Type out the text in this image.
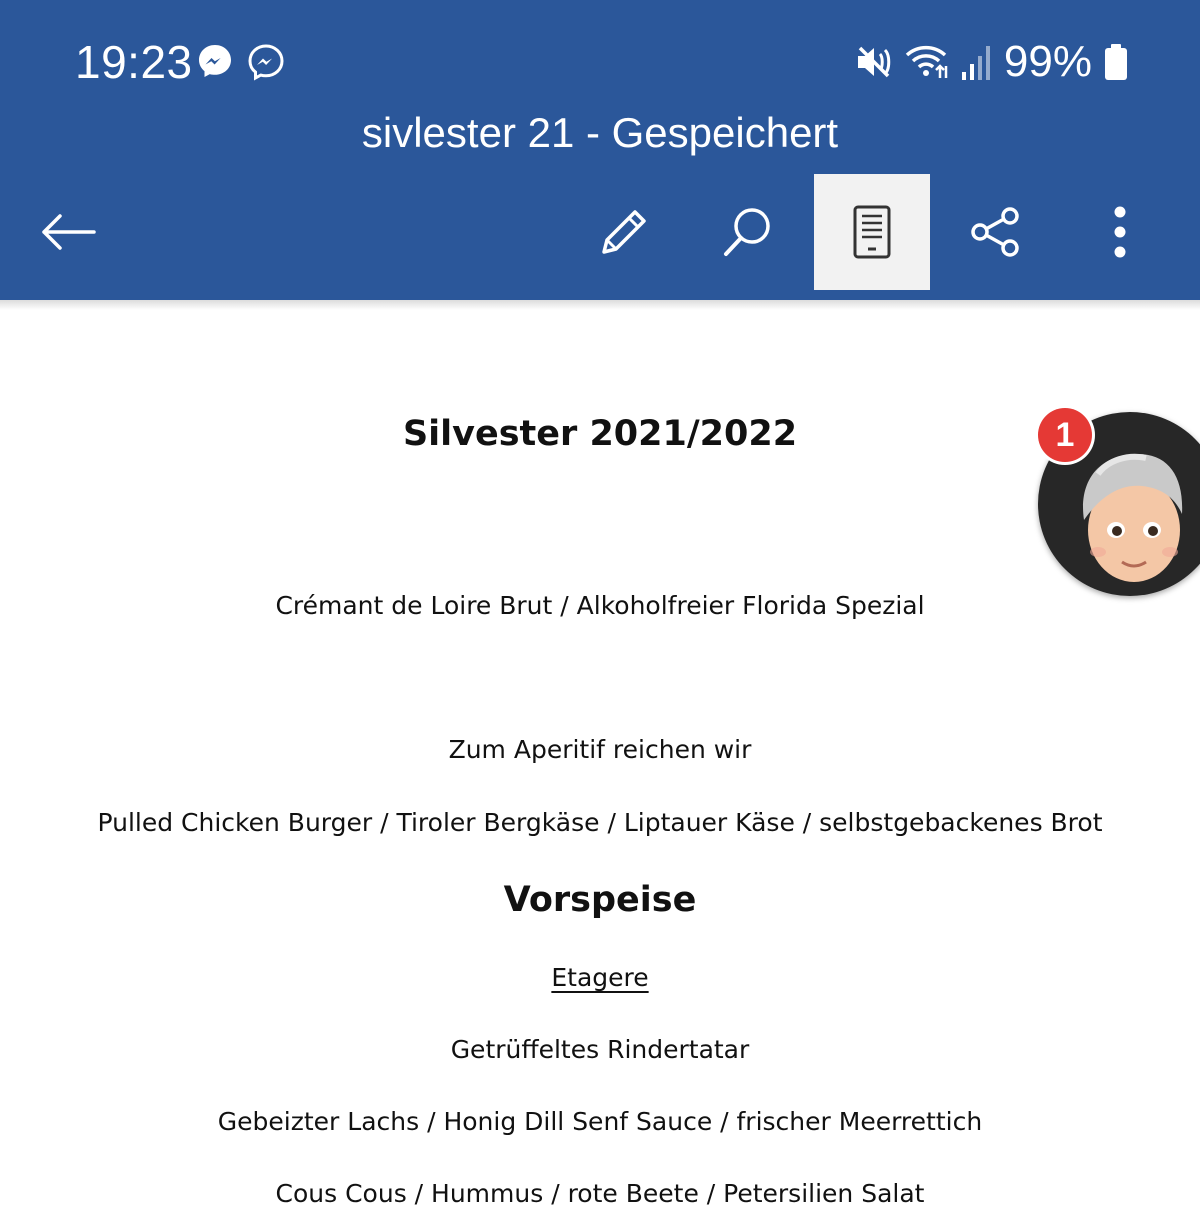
19:23	99%
sivlester 21 - Gespeichert
Silvester 2021/2022
Crémant de Loire Brut / Alkoholfreier Florida Spezial
Zum Aperitif reichen wir
Pulled Chicken Burger / Tiroler Bergkäse / Liptauer Käse / selbstgebackenes Brot
Vorspeise
Etagere
Getrüffeltes Rindertatar
Gebeizter Lachs / Honig Dill Senf Sauce / frischer Meerrettich
Cous Cous / Hummus / rote Beete / Petersilien Salat
1
